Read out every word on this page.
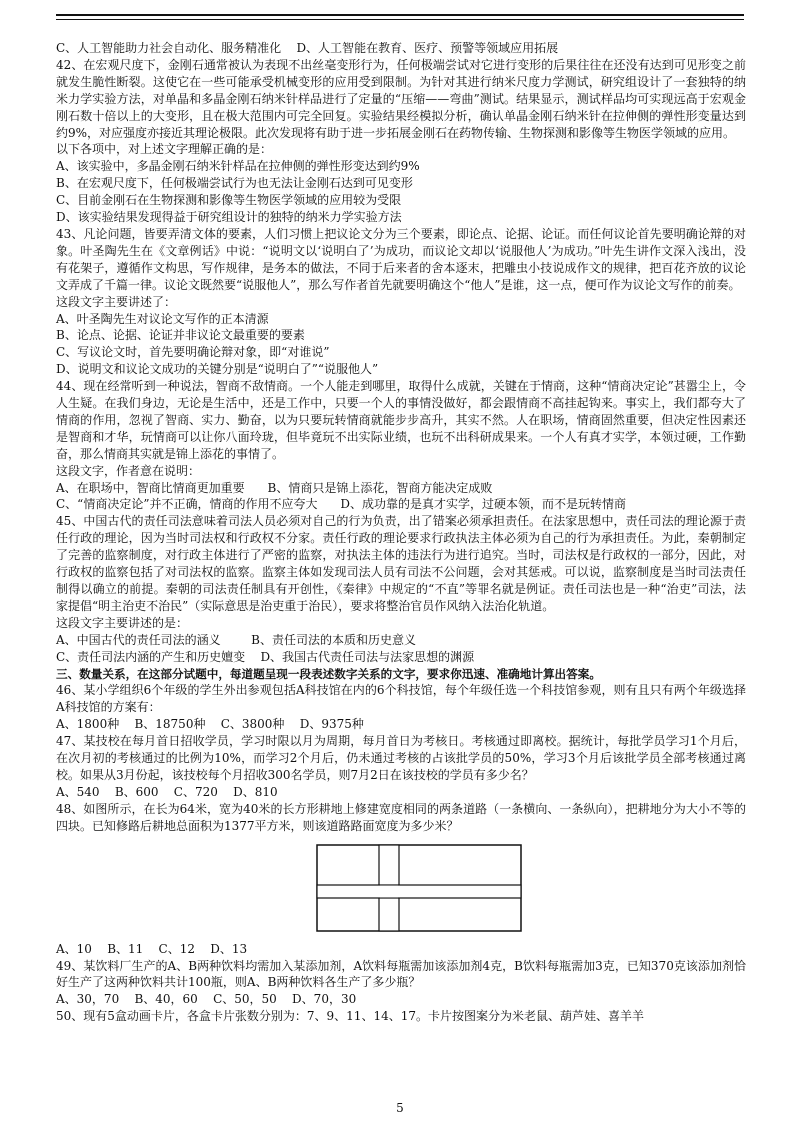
C、人工智能助力社会自动化、服务精准化    D、人工智能在教育、医疗、预警等领域应用拓展

42、在宏观尺度下，金刚石通常被认为表现不出丝毫变形行为，任何极端尝试对它进行变形的后果往往在还没有达到可见形变之前就发生脆性断裂。这使它在一些可能承受机械变形的应用受到限制。为针对其进行纳米尺度力学测试，研究组设计了一套独特的纳米力学实验方法，对单晶和多晶金刚石纳米针样品进行了定量的“压缩——弯曲”测试。结果显示，测试样品均可实现远高于宏观金刚石数十倍以上的大变形，且在极大范围内可完全回复。实验结果经模拟分析，确认单晶金刚石纳米针在拉伸侧的弹性形变量达到约9%，对应强度亦接近其理论极限。此次发现将有助于进一步拓展金刚石在药物传输、生物探测和影像等生物医学领域的应用。

以下各项中，对上述文字理解正确的是：

A、该实验中，多晶金刚石纳米针样品在拉伸侧的弹性形变达到约9%

B、在宏观尺度下，任何极端尝试行为也无法让金刚石达到可见变形

C、目前金刚石在生物探测和影像等生物医学领域的应用较为受限

D、该实验结果发现得益于研究组设计的独特的纳米力学实验方法

43、凡论问题，皆要弄清文体的要素，人们习惯上把议论文分为三个要素，即论点、论据、论证。而任何议论首先要明确论辩的对象。叶圣陶先生在《文章例话》中说：“说明文以‘说明白了’为成功，而议论文却以‘说服他人’为成功。”叶先生讲作文深入浅出，没有花架子，遵循作文构思，写作规律，是务本的做法，不同于后来者的舍本逐末，把雕虫小技说成作文的规律，把百花齐放的议论文弄成了千篇一律。议论文既然要“说服他人”，那么写作者首先就要明确这个“他人”是谁，这一点，便可作为议论文写作的前奏。

这段文字主要讲述了：

A、叶圣陶先生对议论文写作的正本清源

B、论点、论据、论证并非议论文最重要的要素

C、写议论文时，首先要明确论辩对象，即“对谁说”

D、说明文和议论文成功的关键分别是“说明白了”“说服他人”

44、现在经常听到一种说法，智商不敌情商。一个人能走到哪里，取得什么成就，关键在于情商，这种“情商决定论”甚嚣尘上，令人生疑。在我们身边，无论是生活中，还是工作中，只要一个人的事情没做好，都会跟情商不高挂起钩来。事实上，我们都夸大了情商的作用，忽视了智商、实力、勤奋，以为只要玩转情商就能步步高升，其实不然。人在职场，情商固然重要，但决定性因素还是智商和才华，玩情商可以让你八面玲珑，但毕竟玩不出实际业绩，也玩不出科研成果来。一个人有真才实学，本领过硬，工作勤奋，那么情商其实就是锦上添花的事情了。

这段文字，作者意在说明：

A、在职场中，智商比情商更加重要      B、情商只是锦上添花，智商方能决定成败

C、“情商决定论”并不正确，情商的作用不应夸大      D、成功靠的是真才实学，过硬本领，而不是玩转情商

45、中国古代的责任司法意味着司法人员必须对自己的行为负责，出了错案必须承担责任。在法家思想中，责任司法的理论源于责任行政的理论，因为当时司法权和行政权不分家。责任行政的理论要求行政执法主体必须为自己的行为承担责任。为此，秦朝制定了完善的监察制度，对行政主体进行了严密的监察，对执法主体的违法行为进行追究。当时，司法权是行政权的一部分，因此，对行政权的监察包括了对司法权的监察。监察主体如发现司法人员有司法不公问题，会对其惩戒。可以说，监察制度是当时司法责任制得以确立的前提。秦朝的司法责任制具有开创性，《秦律》中规定的“不直”等罪名就是例证。责任司法也是一种“治吏”司法，法家提倡“明主治吏不治民”（实际意思是治吏重于治民），要求将整治官员作风纳入法治化轨道。

这段文字主要讲述的是：

A、中国古代的责任司法的涵义        B、责任司法的本质和历史意义

C、责任司法内涵的产生和历史嬗变    D、我国古代责任司法与法家思想的渊源

三、数量关系，在这部分试题中，每道题呈现一段表述数字关系的文字，要求你迅速、准确地计算出答案。

46、某小学组织6个年级的学生外出参观包括A科技馆在内的6个科技馆，每个年级任选一个科技馆参观，则有且只有两个年级选择A科技馆的方案有：

A、1800种    B、18750种    C、3800种    D、9375种

47、某技校在每月首日招收学员，学习时限以月为周期，每月首日为考核日。考核通过即离校。据统计，每批学员学习1个月后，在次月初的考核通过的比例为10%，而学习2个月后，仍未通过考核的占该批学员的50%，学习3个月后该批学员全部考核通过离校。如果从3月份起，该技校每个月招收300名学员，则7月2日在该技校的学员有多少名？

A、540    B、600    C、720    D、810

48、如图所示，在长为64米，宽为40米的长方形耕地上修建宽度相同的两条道路（一条横向、一条纵向），把耕地分为大小不等的四块。已知修路后耕地总面积为1377平方米，则该道路路面宽度为多少米？

A、10    B、11    C、12    D、13

49、某饮料厂生产的A、B两种饮料均需加入某添加剂，A饮料每瓶需加该添加剂4克，B饮料每瓶需加3克，已知370克该添加剂恰好生产了这两种饮料共计100瓶，则A、B两种饮料各生产了多少瓶？

A、30，70    B、40，60    C、50，50    D、70，30

50、现有5盒动画卡片，各盒卡片张数分别为：7、9、11、14、17。卡片按图案分为米老鼠、葫芦娃、喜羊羊

5
